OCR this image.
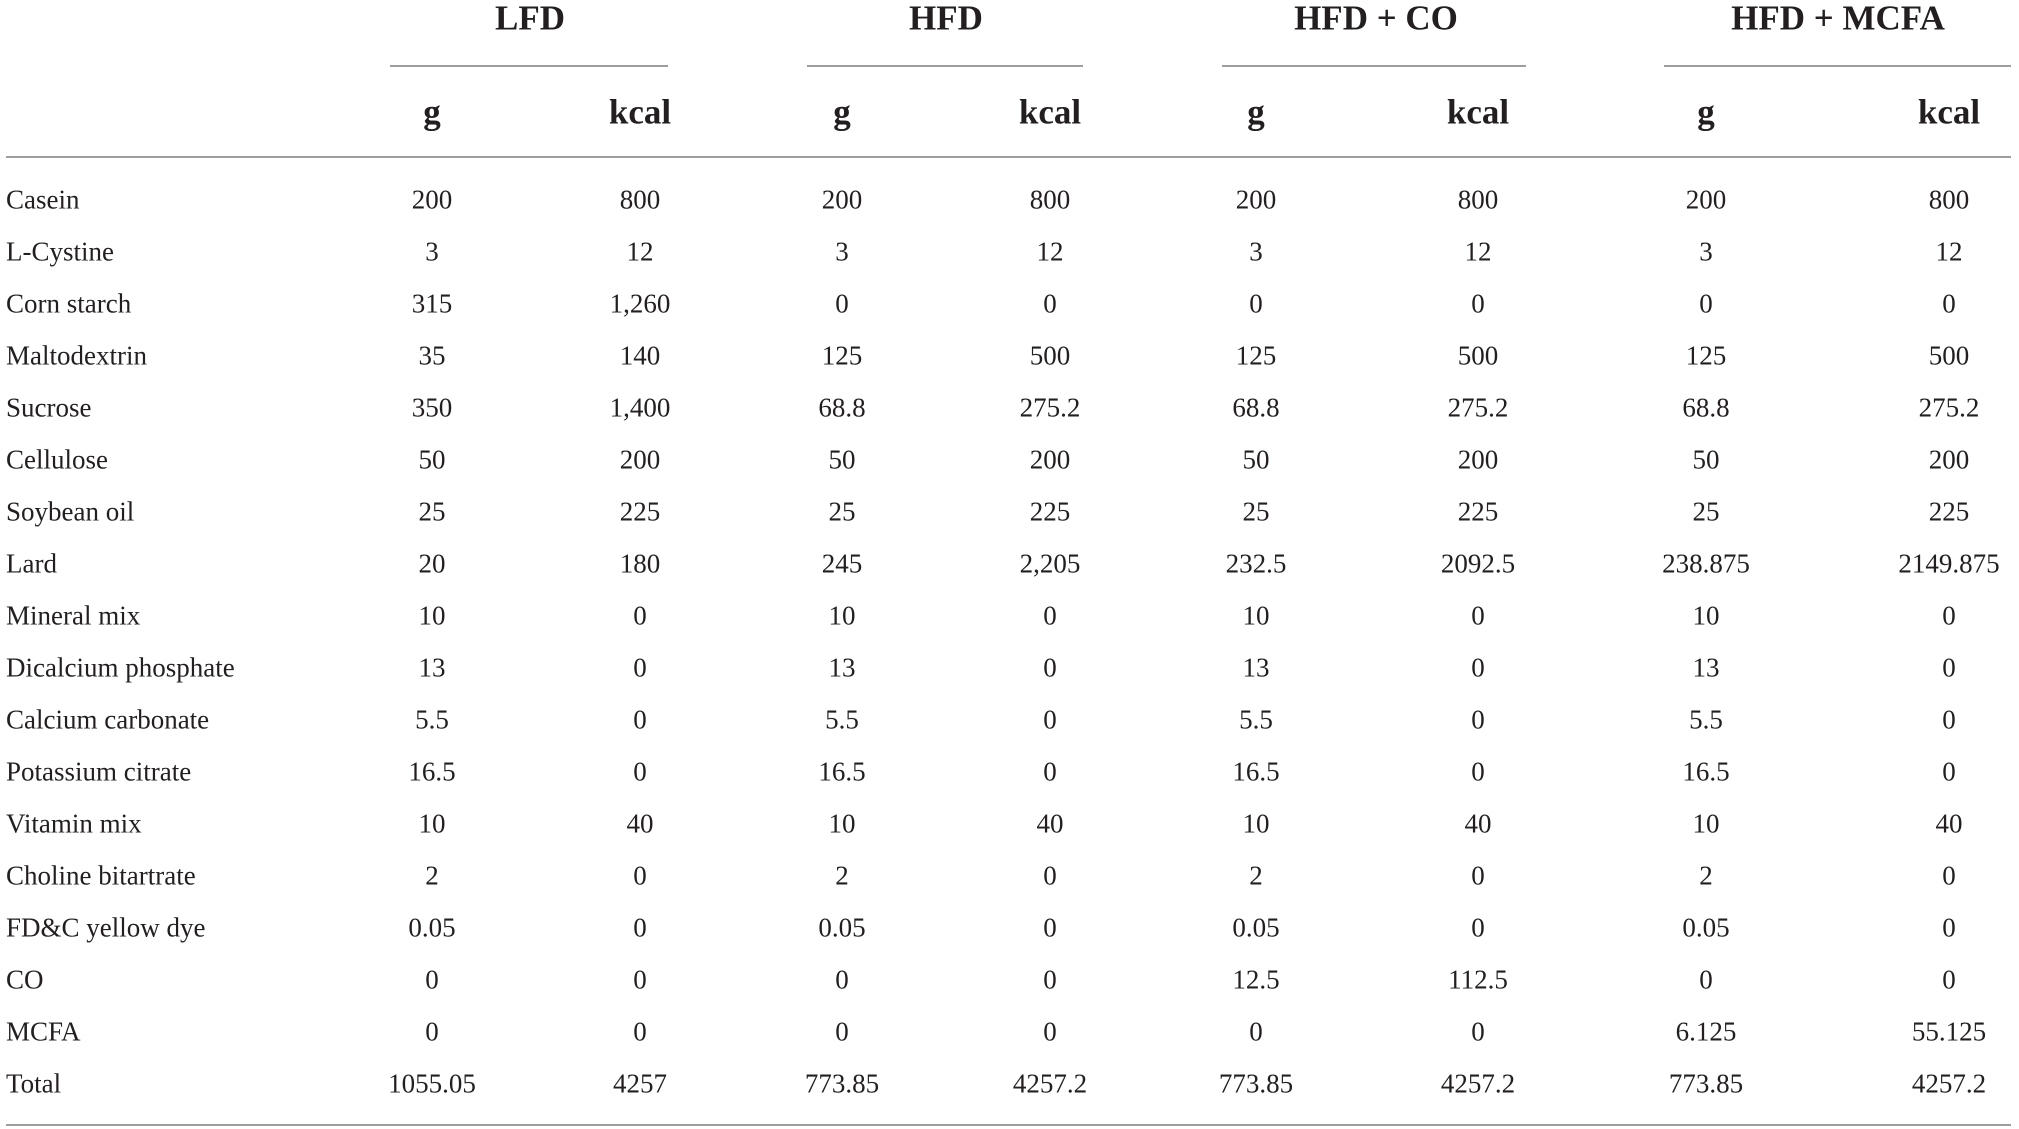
LFD
g	kcal
HFD
g	kcal
HFD + CO
g	kcal
HFD + MCFA
g	kcal
Casein	200	800	200	800	200	800	200	800
L-Cystine	3	12	3	12	3	12	3	12
Corn starch	315	1,260	0	0	0	0	0	0
Maltodextrin	35	140	125	500	125	500	125	500
Sucrose	350	1,400	68.8	275.2	68.8	275.2	68.8	275.2
Cellulose	50	200	50	200	50	200	50	200
Soybean oil	25	225	25	225	25	225	25	225
Lard	20	180	245	2,205	232.5	2092.5	238.875	2149.875
Mineral mix	10	0	10	0	10	0	10	0
Dicalcium phosphate	13	0	13	0	13	0	13	0
Calcium carbonate	5.5	0	5.5	0	5.5	0	5.5	0
Potassium citrate	16.5	0	16.5	0	16.5	0	16.5	0
Vitamin mix	10	40	10	40	10	40	10	40
Choline bitartrate	2	0	2	0	2	0	2	0
FD&C yellow dye	0.05	0	0.05	0	0.05	0	0.05	0
CO	0	0	0	0	12.5	112.5	0	0
MCFA	0	0	0	0	0	0	6.125	55.125
Total	1055.05	4257	773.85	4257.2	773.85	4257.2	773.85	4257.2
